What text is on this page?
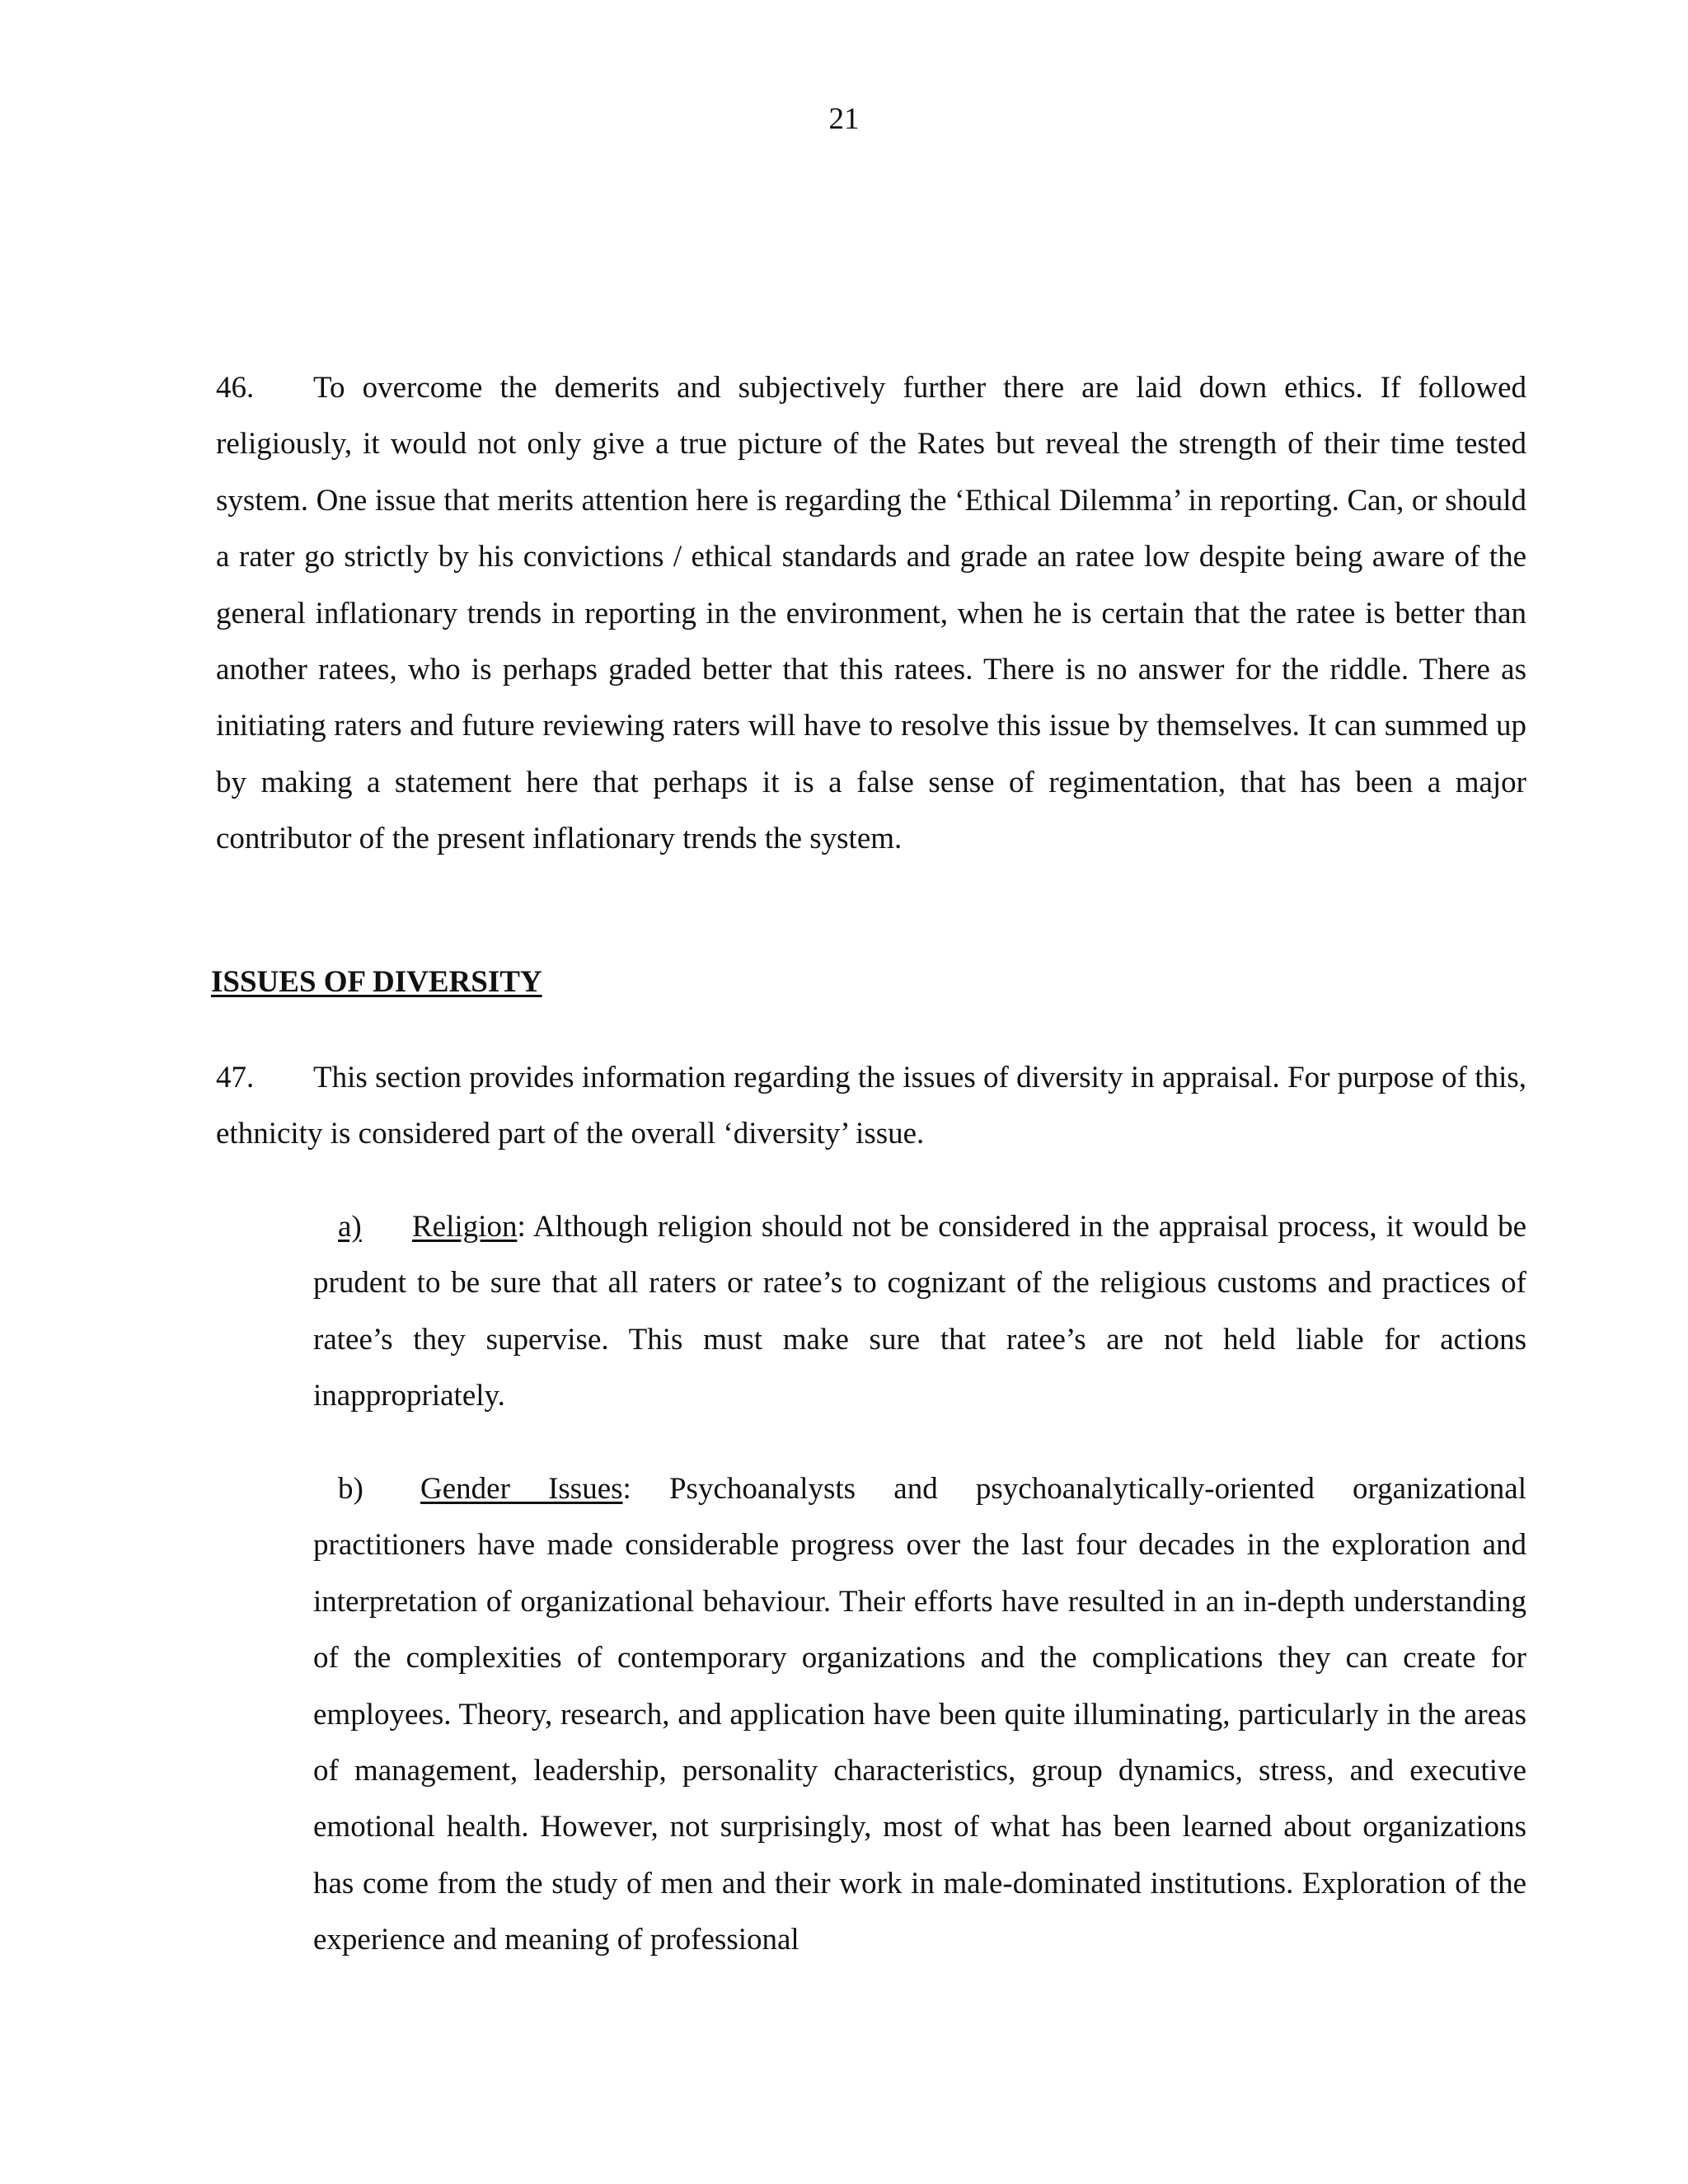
21

46. To overcome the demerits and subjectively further there are laid down ethics. If followed religiously, it would not only give a true picture of the Rates but reveal the strength of their time tested system. One issue that merits attention here is regarding the ‘Ethical Dilemma’ in reporting. Can, or should a rater go strictly by his convictions / ethical standards and grade an ratee low despite being aware of the general inflationary trends in reporting in the environment, when he is certain that the ratee is better than another ratees, who is perhaps graded better that this ratees. There is no answer for the riddle. There as initiating raters and future reviewing raters will have to resolve this issue by themselves. It can summed up by making a statement here that perhaps it is a false sense of regimentation, that has been a major contributor of the present inflationary trends the system.

ISSUES OF DIVERSITY

47. This section provides information regarding the issues of diversity in appraisal. For purpose of this, ethnicity is considered part of the overall ‘diversity’ issue.

a) Religion: Although religion should not be considered in the appraisal process, it would be prudent to be sure that all raters or ratee’s to cognizant of the religious customs and practices of ratee’s they supervise. This must make sure that ratee’s are not held liable for actions inappropriately.

b) Gender Issues: Psychoanalysts and psychoanalytically-oriented organizational practitioners have made considerable progress over the last four decades in the exploration and interpretation of organizational behaviour. Their efforts have resulted in an in-depth understanding of the complexities of contemporary organizations and the complications they can create for employees. Theory, research, and application have been quite illuminating, particularly in the areas of management, leadership, personality characteristics, group dynamics, stress, and executive emotional health. However, not surprisingly, most of what has been learned about organizations has come from the study of men and their work in male-dominated institutions. Exploration of the experience and meaning of professional
